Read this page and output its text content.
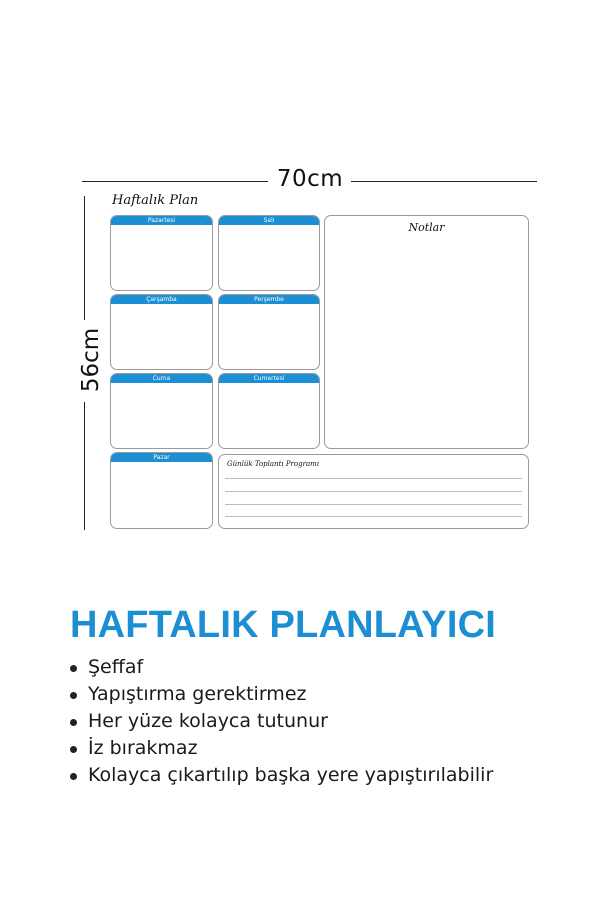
70cm
56cm
Haftalık Plan
Pazartesi	Salı
Çarşamba	Perşembe
Cuma	Cumartesi
Pazar
Notlar
Günlük Toplantı Programı
HAFTALIK PLANLAYICI
Şeffaf
Yapıştırma gerektirmez
Her yüze kolayca tutunur
İz bırakmaz
Kolayca çıkartılıp başka yere yapıştırılabilir
